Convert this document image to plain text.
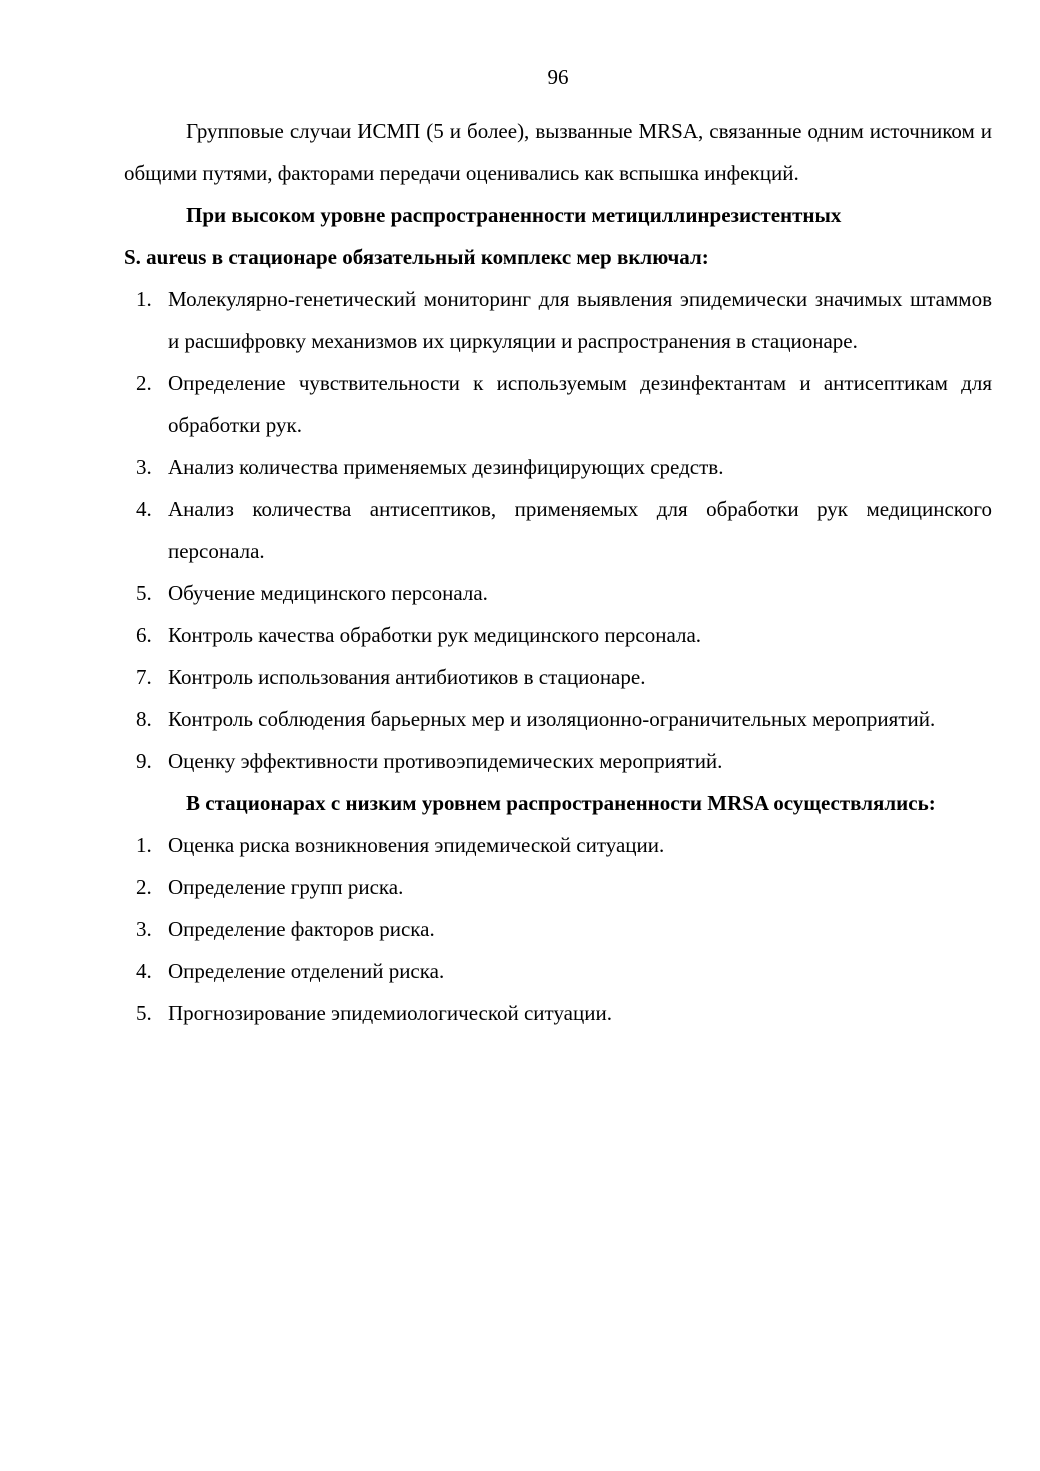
96

Групповые случаи ИСМП (5 и более), вызванные MRSA, связанные одним источником и общими путями, факторами передачи оценивались как вспышка инфекций.

При высоком уровне распространенности метициллинрезистентных

S. aureus в стационаре обязательный комплекс мер включал:

1. Молекулярно-генетический мониторинг для выявления эпидемически значимых штаммов и расшифровку механизмов их циркуляции и распространения в стационаре.
2. Определение чувствительности к используемым дезинфектантам и антисептикам для обработки рук.
3. Анализ количества применяемых дезинфицирующих средств.
4. Анализ количества антисептиков, применяемых для обработки рук медицинского персонала.
5. Обучение медицинского персонала.
6. Контроль качества обработки рук медицинского персонала.
7. Контроль использования антибиотиков в стационаре.
8. Контроль соблюдения барьерных мер и изоляционно-ограничительных мероприятий.
9. Оценку эффективности противоэпидемических мероприятий.

В стационарах с низким уровнем распространенности MRSA осуществлялись:

1. Оценка риска возникновения эпидемической ситуации.
2. Определение групп риска.
3. Определение факторов риска.
4. Определение отделений риска.
5. Прогнозирование эпидемиологической ситуации.
